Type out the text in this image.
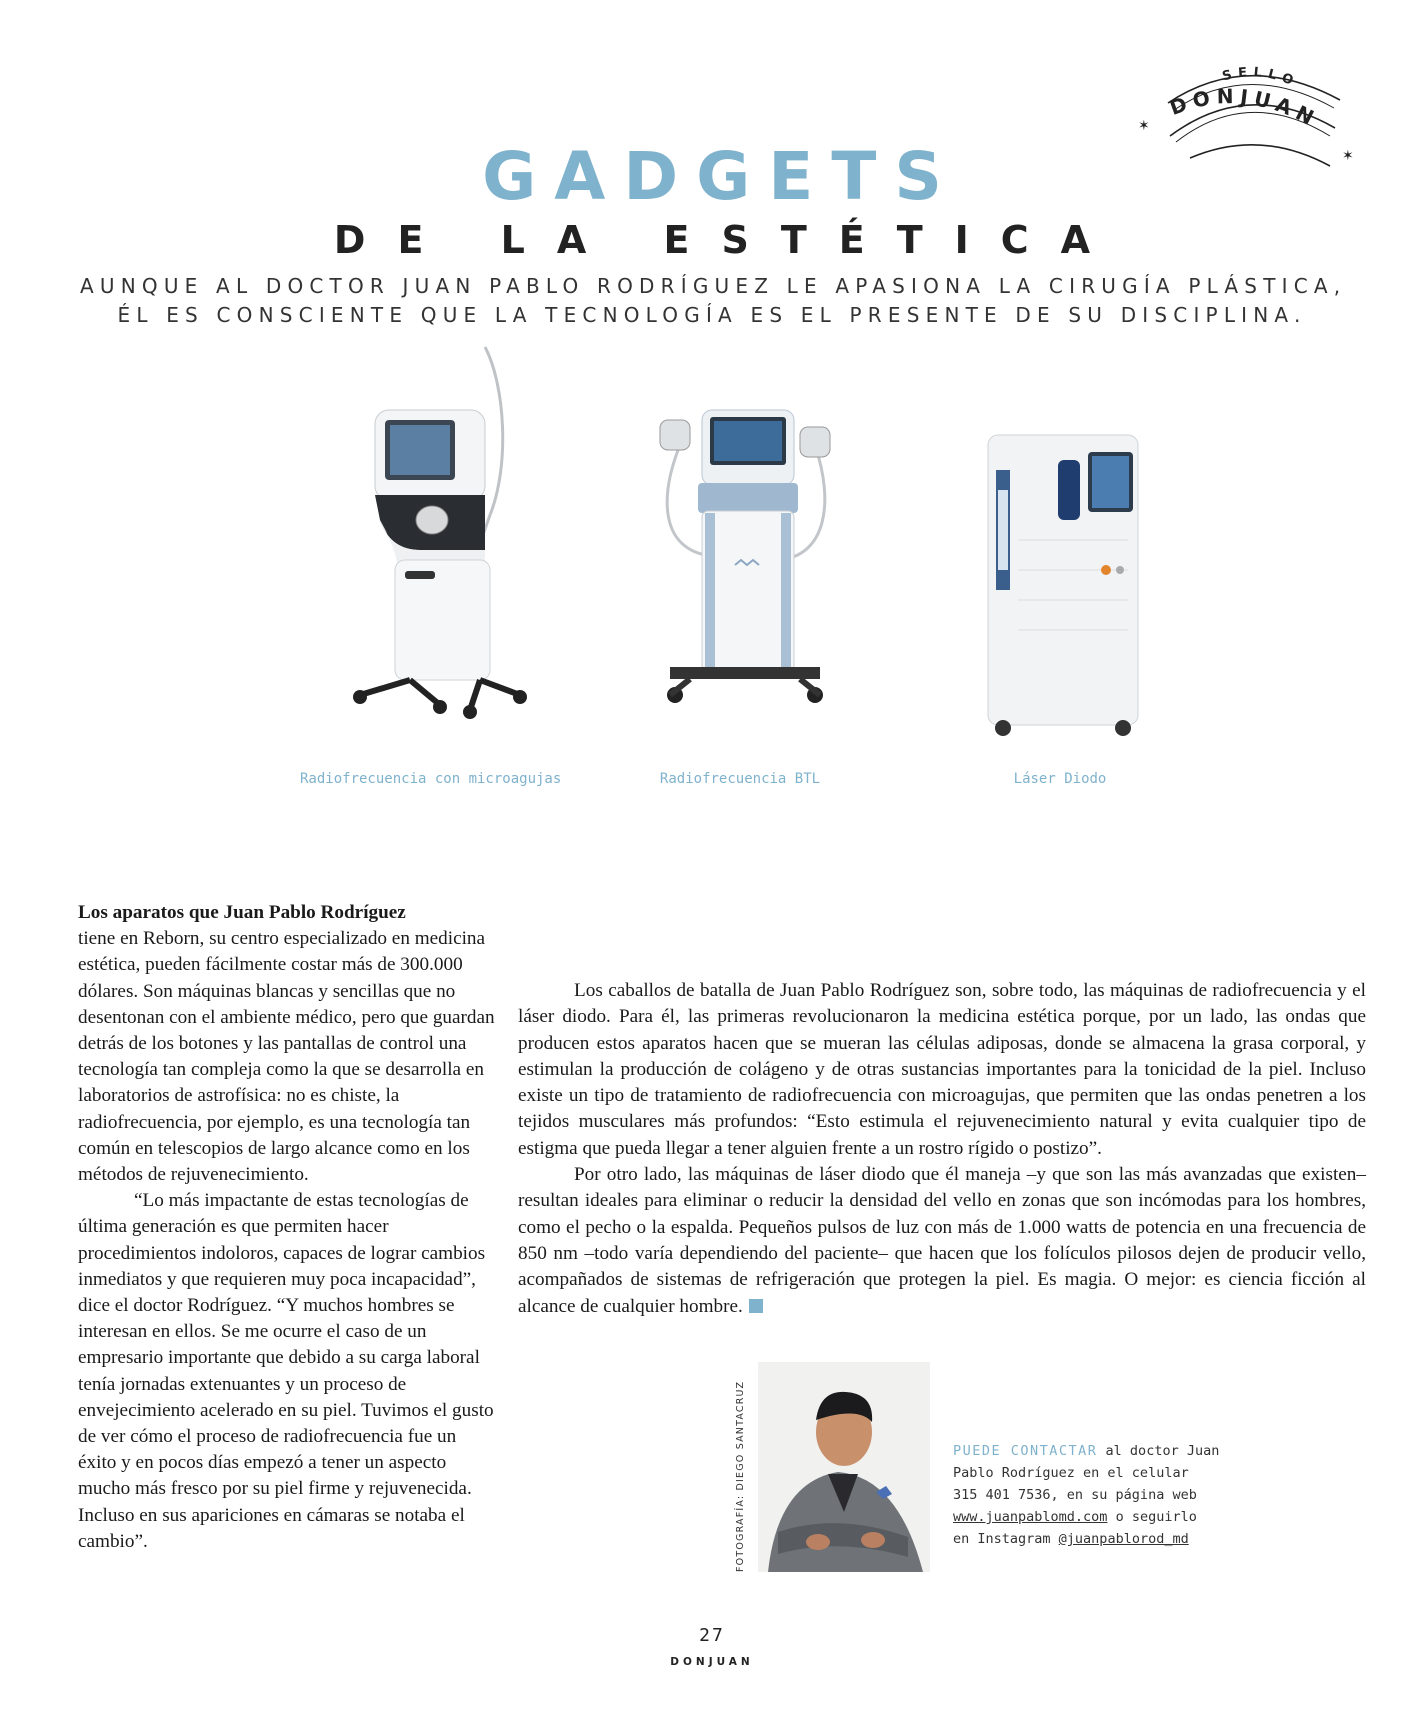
SELLO
DONJUAN
✶
✶
GADGETS
DE LA ESTÉTICA
AUNQUE AL DOCTOR JUAN PABLO RODRÍGUEZ LE APASIONA LA CIRUGÍA PLÁSTICA,
ÉL ES CONSCIENTE QUE LA TECNOLOGÍA ES EL PRESENTE DE SU DISCIPLINA.
Radiofrecuencia con microagujas	Radiofrecuencia BTL	Láser Diodo

Los aparatos que Juan Pablo Rodríguez
tiene en Reborn, su centro especializado en medicina estética, pueden fácilmente costar más de 300.000 dólares. Son máquinas blancas y sencillas que no desentonan con el ambiente médico, pero que guardan detrás de los botones y las pantallas de control una tecnología tan compleja como la que se desarrolla en laboratorios de astrofísica: no es chiste, la radiofrecuencia, por ejemplo, es una tecnología tan común en telescopios de largo alcance como en los métodos de rejuvenecimiento.

“Lo más impactante de estas tecnologías de última generación es que permiten hacer procedimientos indoloros, capaces de lograr cambios inmediatos y que requieren muy poca incapacidad”, dice el doctor Rodríguez. “Y muchos hombres se interesan en ellos. Se me ocurre el caso de un empresario importante que debido a su carga laboral tenía jornadas extenuantes y un proceso de envejecimiento acelerado en su piel. Tuvimos el gusto de ver cómo el proceso de radiofrecuencia fue un éxito y en pocos días empezó a tener un aspecto mucho más fresco por su piel firme y rejuvenecida. Incluso en sus apariciones en cámaras se notaba el cambio”.

Los caballos de batalla de Juan Pablo Rodríguez son, sobre todo, las máquinas de radiofrecuencia y el láser diodo. Para él, las primeras revolucionaron la medicina estética porque, por un lado, las ondas que producen estos aparatos hacen que se mueran las células adiposas, donde se almacena la grasa corporal, y estimulan la producción de colágeno y de otras sustancias importantes para la tonicidad de la piel. Incluso existe un tipo de tratamiento de radiofrecuencia con microagujas, que permiten que las ondas penetren a los tejidos musculares más profundos: “Esto estimula el rejuvenecimiento natural y evita cualquier tipo de estigma que pueda llegar a tener alguien frente a un rostro rígido o postizo”.

Por otro lado, las máquinas de láser diodo que él maneja –y que son las más avanzadas que existen– resultan ideales para eliminar o reducir la densidad del vello en zonas que son incómodas para los hombres, como el pecho o la espalda. Pequeños pulsos de luz con más de 1.000 watts de potencia en una frecuencia de 850 nm –todo varía dependiendo del paciente– que hacen que los folículos pilosos dejen de producir vello, acompañados de sistemas de refrigeración que protegen la piel. Es magia. O mejor: es ciencia ficción al alcance de cualquier hombre.

FOTOGRAFÍA: DIEGO SANTACRUZ	PUEDE CONTACTAR al doctor Juan
Pablo Rodríguez en el celular
315 401 7536, en su página web
www.juanpablomd.com o seguirlo
en Instagram @juanpablorod_md
27
DONJUAN
